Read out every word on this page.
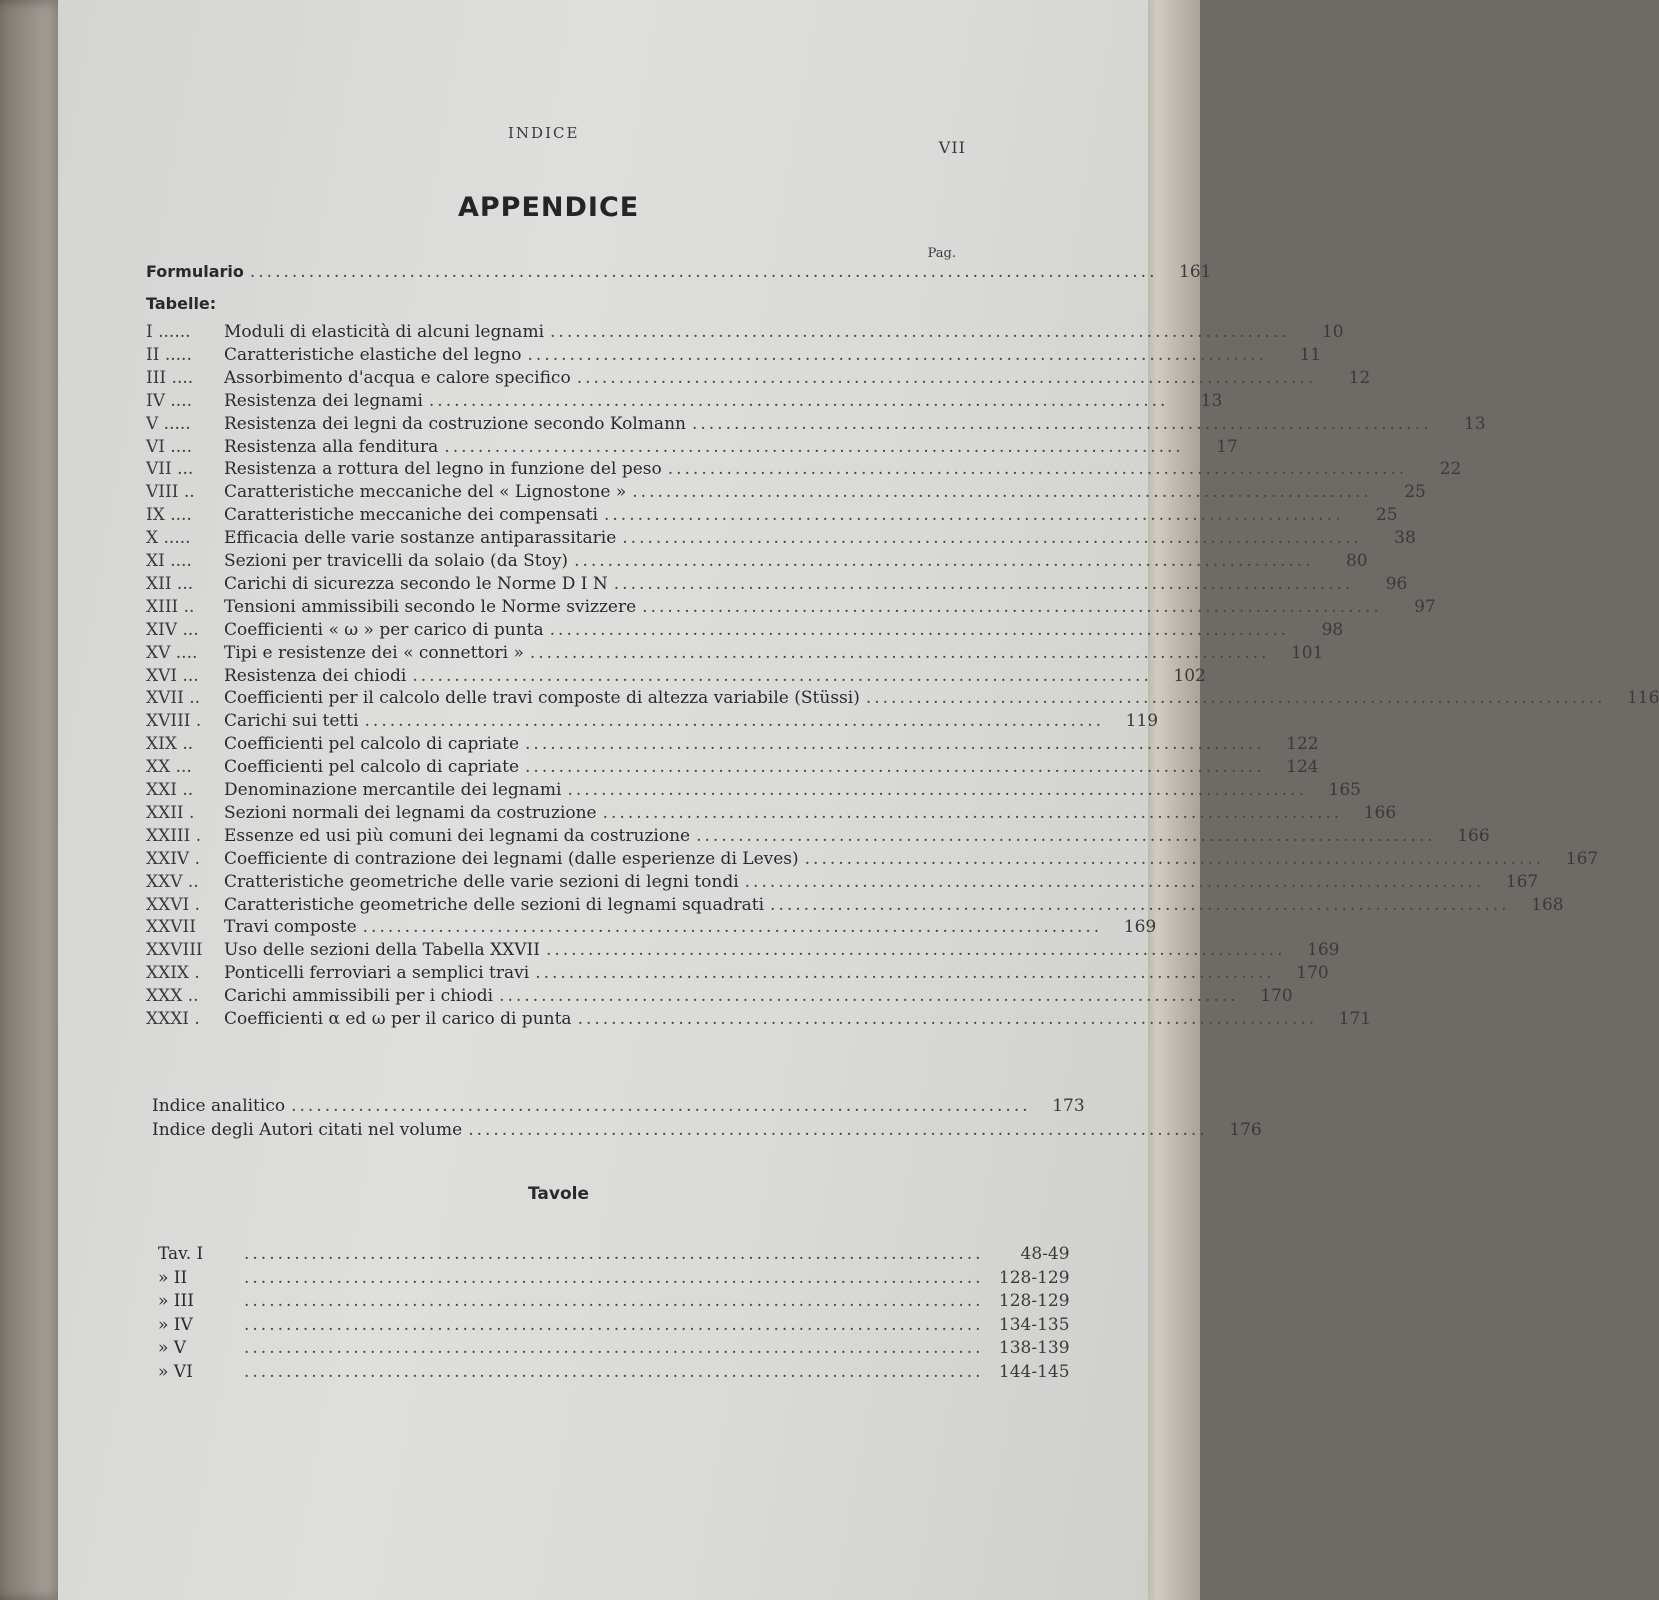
INDICE
VII
APPENDICE
Pag.
Formulario ............................................................................................................	161
Tabelle:
I ......	Moduli di elasticità di alcuni legnami ........................................................................................	10
II .....	Caratteristiche elastiche del legno ........................................................................................	11
III ....	Assorbimento d'acqua e calore specifico ........................................................................................	12
IV ....	Resistenza dei legnami ........................................................................................	13
V .....	Resistenza dei legni da costruzione secondo Kolmann ........................................................................................	13
VI ....	Resistenza alla fenditura ........................................................................................	17
VII ...	Resistenza a rottura del legno in funzione del peso ........................................................................................	22
VIII ..	Caratteristiche meccaniche del « Lignostone » ........................................................................................	25
IX ....	Caratteristiche meccaniche dei compensati ........................................................................................	25
X .....	Efficacia delle varie sostanze antiparassitarie ........................................................................................	38
XI ....	Sezioni per travicelli da solaio (da Stoy) ........................................................................................	80
XII ...	Carichi di sicurezza secondo le Norme D I N ........................................................................................	96
XIII ..	Tensioni ammissibili secondo le Norme svizzere ........................................................................................	97
XIV ...	Coefficienti « ω » per carico di punta ........................................................................................	98
XV ....	Tipi e resistenze dei « connettori » ........................................................................................	101
XVI ...	Resistenza dei chiodi ........................................................................................	102
XVII ..	Coefficienti per il calcolo delle travi composte di altezza variabile (Stüssi) ........................................................................................	116
XVIII .	Carichi sui tetti ........................................................................................	119
XIX ..	Coefficienti pel calcolo di capriate ........................................................................................	122
XX ...	Coefficienti pel calcolo di capriate ........................................................................................	124
XXI ..	Denominazione mercantile dei legnami ........................................................................................	165
XXII .	Sezioni normali dei legnami da costruzione ........................................................................................	166
XXIII .	Essenze ed usi più comuni dei legnami da costruzione ........................................................................................	166
XXIV .	Coefficiente di contrazione dei legnami (dalle esperienze di Leves) ........................................................................................	167
XXV ..	Cratteristiche geometriche delle varie sezioni di legni tondi ........................................................................................	167
XXVI .	Caratteristiche geometriche delle sezioni di legnami squadrati ........................................................................................	168
XXVII	Travi composte ........................................................................................	169
XXVIII	Uso delle sezioni della Tabella XXVII ........................................................................................	169
XXIX .	Ponticelli ferroviari a semplici travi ........................................................................................	170
XXX ..	Carichi ammissibili per i chiodi ........................................................................................	170
XXXI .	Coefficienti α ed ω per il carico di punta ........................................................................................	171
Indice analitico ........................................................................................	173
Indice degli Autori citati nel volume ........................................................................................	176
Tavole
Tav. I	........................................................................................	48-49
» II	........................................................................................ 128-129
» III	........................................................................................ 128-129
» IV	........................................................................................ 134-135
» V	........................................................................................ 138-139
» VI	........................................................................................ 144-145
